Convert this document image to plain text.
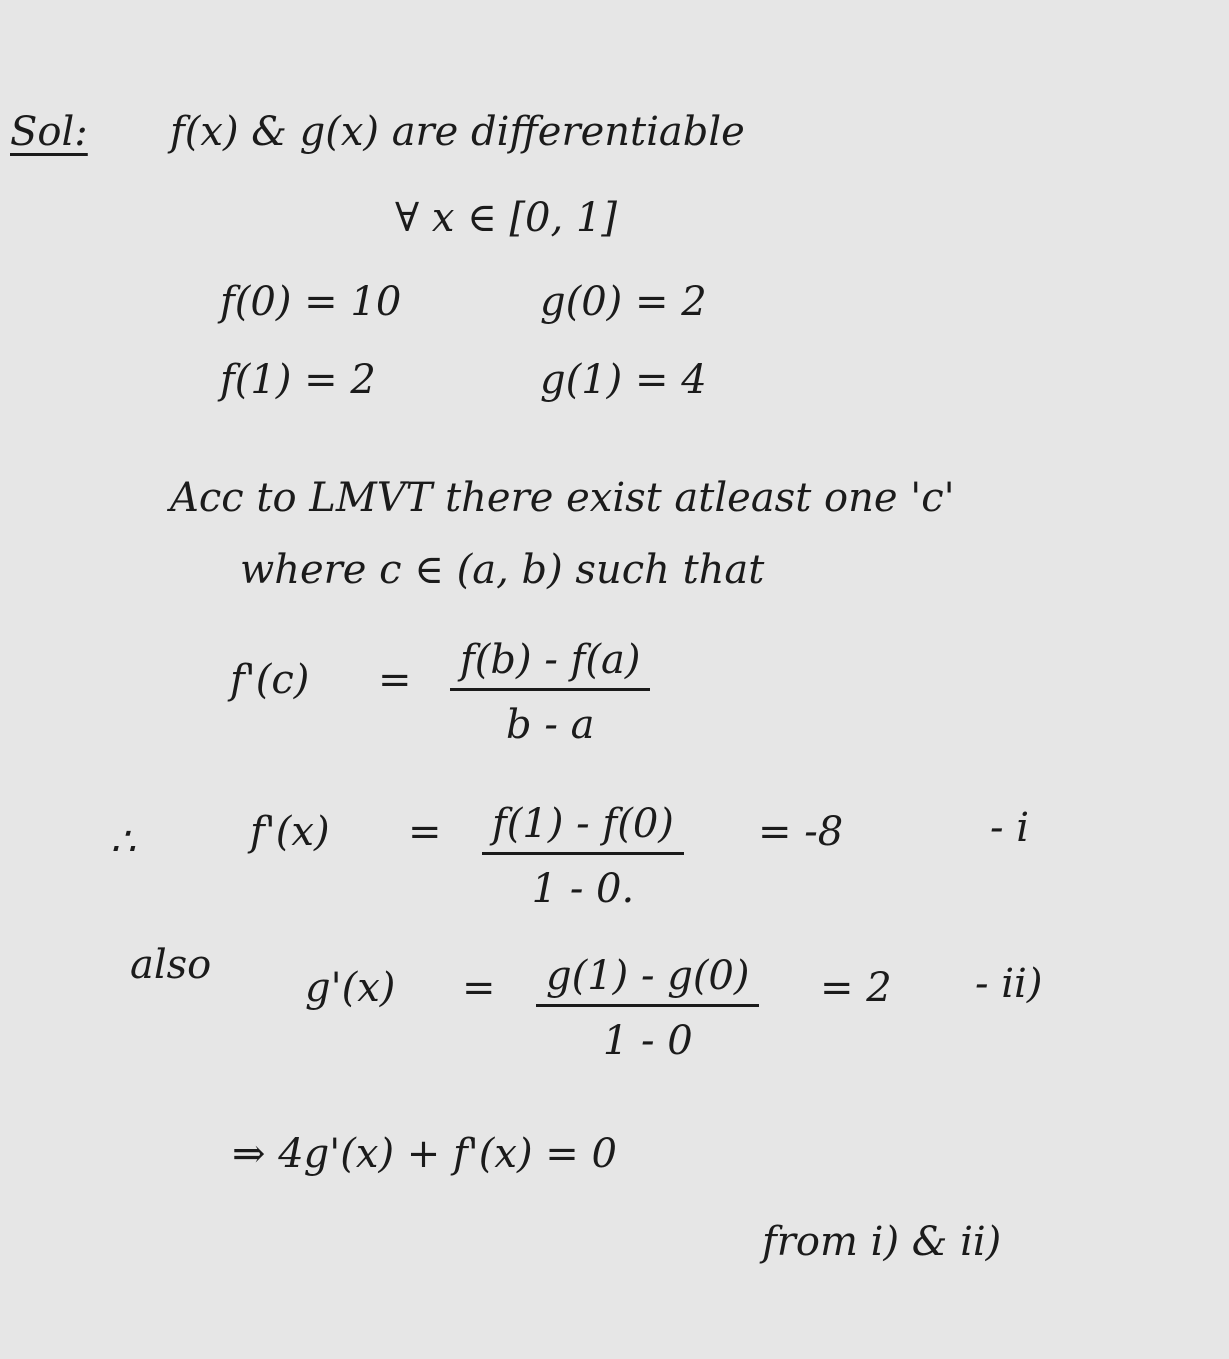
Sol: f(x) & g(x) are differentiable
∀ x ∈ [0, 1]
f(0) = 10	g(0) = 2
f(1) = 2	g(1) = 4
Acc to LMVT there exist atleast one 'c'
where c ∈ (a, b) such that
$f'(c) = \frac{f(b) - f(a)}{b - a}$
∴	$f'(x) = \frac{f(1) - f(0)}{1 - 0.} = -8$	- i
also $g'(x) = \frac{g(1) - g(0)}{1 - 0} = 2 - ii$)
⇒ 4g'(x) + f'(x) = 0
from i) & ii)
